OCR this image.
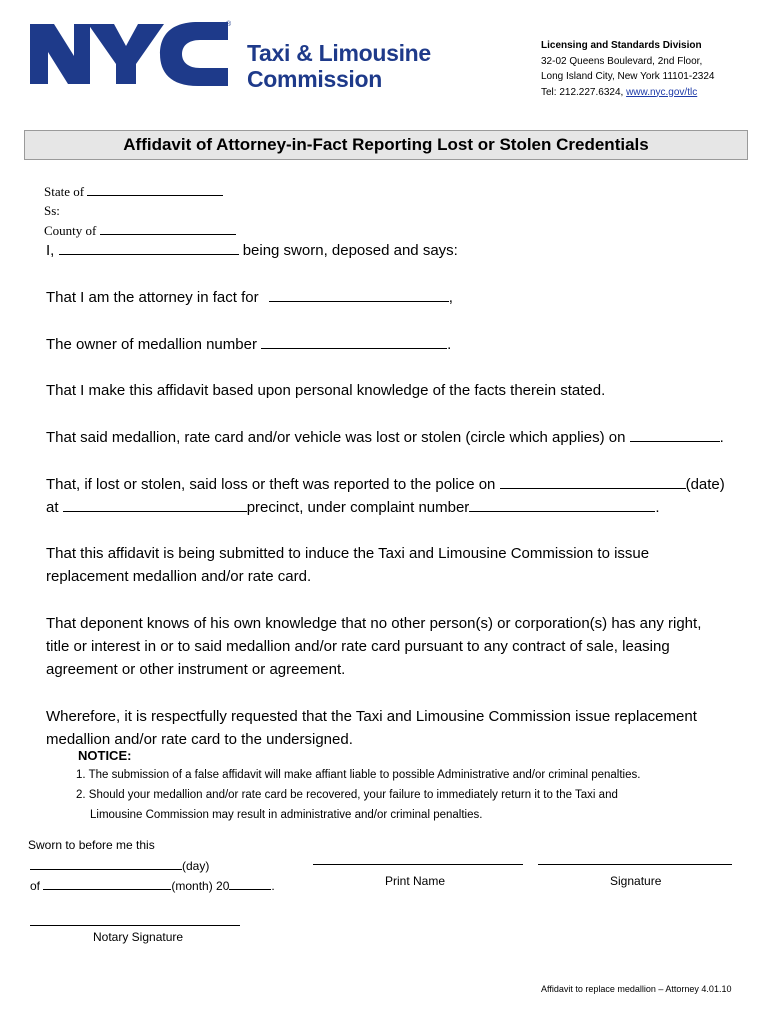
®
Taxi & Limousine
Commission
Licensing and Standards Division
32-02 Queens Boulevard, 2nd Floor,
Long Island City, New York 11101-2324
Tel: 212.227.6324, www.nyc.gov/tlc
Affidavit of Attorney-in-Fact Reporting Lost or Stolen Credentials
State of
Ss:
County of
I,	being sworn, deposed and says:
That I am the attorney in fact for	,
The owner of medallion number	.
That I make this affidavit based upon personal knowledge of the facts therein stated.
That said medallion, rate card and/or vehicle was lost or stolen (circle which applies) on	.
That, if lost or stolen, said loss or theft was reported to the police on	(date)
at	precinct, under complaint number	.
That this affidavit is being submitted to induce the Taxi and Limousine Commission to issue
replacement medallion and/or rate card.
That deponent knows of his own knowledge that no other person(s) or corporation(s) has any right,
title or interest in or to said medallion and/or rate card pursuant to any contract of sale, leasing
agreement or other instrument or agreement.
Wherefore, it is respectfully requested that the Taxi and Limousine Commission issue replacement
medallion and/or rate card to the undersigned.
NOTICE:
1. The submission of a false affidavit will make affiant liable to possible Administrative and/or criminal penalties.
2. Should your medallion and/or rate card be recovered, your failure to immediately return it to the Taxi and
Limousine Commission may result in administrative and/or criminal penalties.
Sworn to before me this
(day)
of	(month) 20	.	Print Name	Signature
Notary Signature
Affidavit to replace medallion – Attorney 4.01.10
